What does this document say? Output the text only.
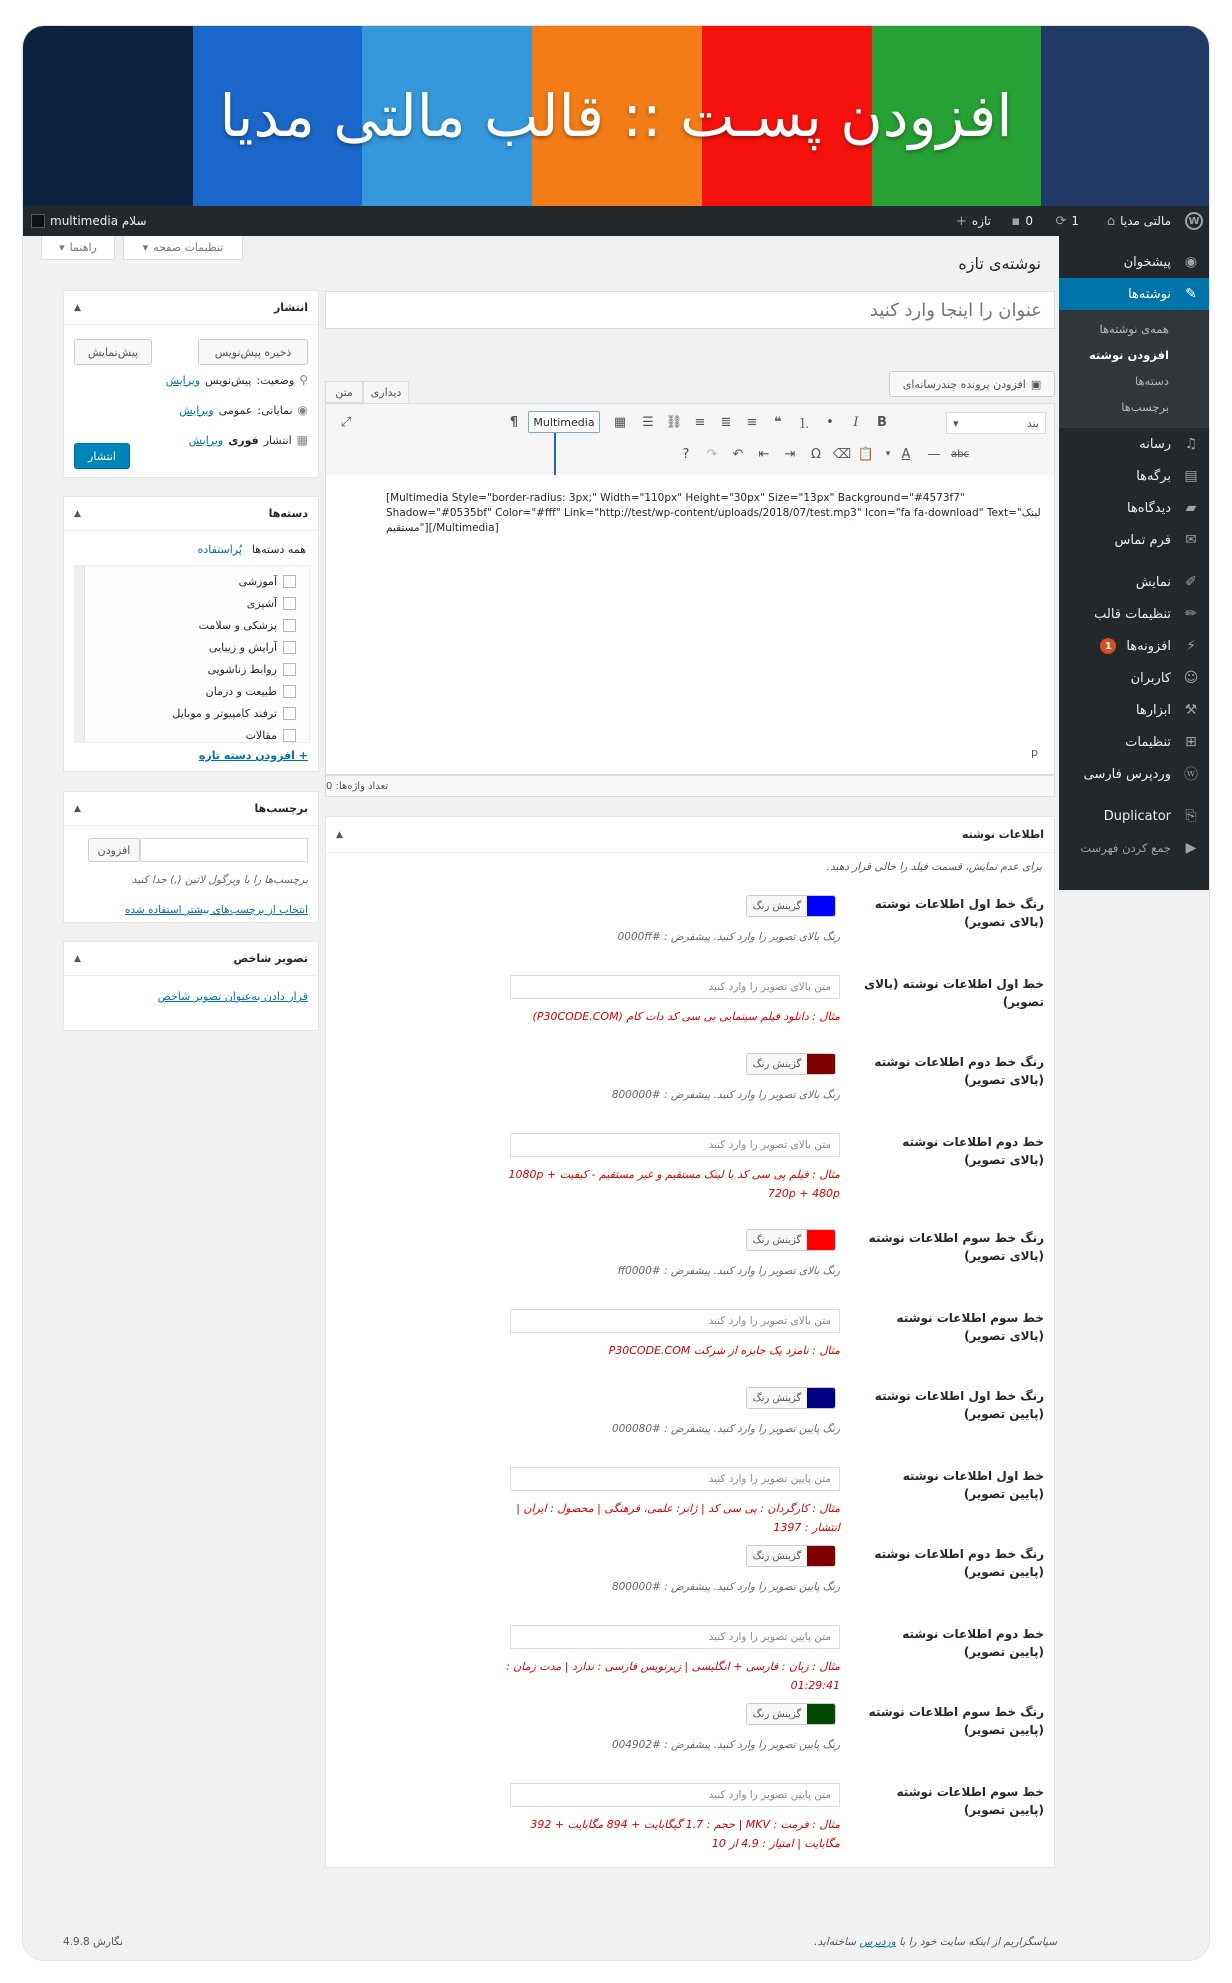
افزودن پسـت :: قالب مالتی مدیا
W
⌂ مالتی مدیا
⟳ 1
▪ 0
+ تازه
سلام multimedia
◉
پیشخوان
✎
نوشته‌ها
همه‌ی نوشته‌ها
افزودن نوشته
دسته‌ها
برچسب‌ها
♫
رسانه
▤
برگه‌ها
▰
دیدگاه‌ها
✉
فرم تماس
✐
نمایش
✏
تنظیمات قالب
⚡
افزونه‌ها
1
☺
کاربران
⚒
ابزارها
⊞
تنظیمات
ⓦ
وردپرس فارسی
⎘
Duplicator
▶
جمع کردن فهرست
تنظیمات صفحه
▾
راهنما
▾
نوشته‌ی تازه
عنوان را اینجا وارد کنید
متن	دیداری
▣
افزودن پرونده چندرسانه‌ای
بند
▾
⤢	¶	Multimedia	▦	☰ ⛓ ≡	≣	≡	❝	⒈	•	I	B
?	↷	↶	⇤	⇥	Ω ⌫ 📋	▾ A	—	abc
[Multimedia Style="border-radius: 3px;" Width="110px" Height="30px" Size="13px" Background="#4573f7" Shadow="#0535bf" Color="#fff" Link="http://test/wp-content/uploads/2018/07/test.mp3" Icon="fa fa-download" Text="لینک مستقیم"][/Multimedia]
p
تعداد واژه‌ها: 0
اطلاعات نوشته
▲
برای عدم نمایش، قسمت فیلد را خالی قرار دهید.
رنگ خط اول اطلاعات نوشته (بالای تصویر)
گزینش رنگ
رنگ بالای تصویر را وارد کنید. پیشفرض : #0000ff
خط اول اطلاعات نوشته (بالای تصویر)
متن بالای تصویر را وارد کنید
مثال : دانلود فیلم سینمایی بی سی کد دات کام (P30CODE.COM)
رنگ خط دوم اطلاعات نوشته (بالای تصویر)
گزینش رنگ
رنگ بالای تصویر را وارد کنید. پیشفرض : #800000
خط دوم اطلاعات نوشته (بالای تصویر)
متن بالای تصویر را وارد کنید
مثال : فیلم پی سی کد با لینک مستقیم و غیر مستقیم - کیفیت 1080p + 720p + 480p
رنگ خط سوم اطلاعات نوشته (بالای تصویر)
گزینش رنگ
رنگ بالای تصویر را وارد کنید. پیشفرض : #ff0000
خط سوم اطلاعات نوشته (بالای تصویر)
متن بالای تصویر را وارد کنید
مثال : نامزد یک جایزه از شرکت P30CODE.COM
رنگ خط اول اطلاعات نوشته (پایین تصویر)
گزینش رنگ
رنگ پایین تصویر را وارد کنید. پیشفرض : #000080
خط اول اطلاعات نوشته (پایین تصویر)
متن پایین تصویر را وارد کنید
مثال : کارگردان : پی سی کد | ژانر: علمی، فرهنگی | محصول : ایران | انتشار : 1397
رنگ خط دوم اطلاعات نوشته (پایین تصویر)
گزینش رنگ
رنگ پایین تصویر را وارد کنید. پیشفرض : #800000
خط دوم اطلاعات نوشته (پایین تصویر)
متن پایین تصویر را وارد کنید
مثال : زبان : فارسی + انگلیسی | زیرنویس فارسی : ندارد | مدت زمان : 01:29:41
رنگ خط سوم اطلاعات نوشته (پایین تصویر)
گزینش رنگ
رنگ پایین تصویر را وارد کنید. پیشفرض : #004902
خط سوم اطلاعات نوشته (پایین تصویر)
متن پایین تصویر را وارد کنید
مثال : فرمت : MKV | حجم : 1.7 گیگابایت + 894 مگابایت + 392 مگابایت | امتیاز : 4.9 از 10
انتشار
▲
ذخیره پیش‌نویس
پیش‌نمایش
⚲
وضعیت:
پیش‌نویس
ویرایش
◉
نمایانی:
عمومی
ویرایش
▦
انتشار
فوری
ویرایش
انتشار
دسته‌ها
▲
همه دسته‌ها
پُراستفاده
آموزشی
آشپزی
پزشکی و سلامت
آرایش و زیبایی
روابط زناشویی
طبیعت و درمان
ترفند کامپیوتر و موبایل
مقالات
+ افزودن دسته تازه
برچسب‌ها
▲
افزودن
برچسب‌ها را با ویرگول لاتین (,) جدا کنید
انتخاب از برچسب‌های بیشتر استفاده شده
تصویر شاخص
▲
قرار دادن به‌عنوان تصویر شاخص
نگارش 4.9.8	سپاسگزاریم از اینکه سایت خود را با وردپرس ساخته‌اید.
